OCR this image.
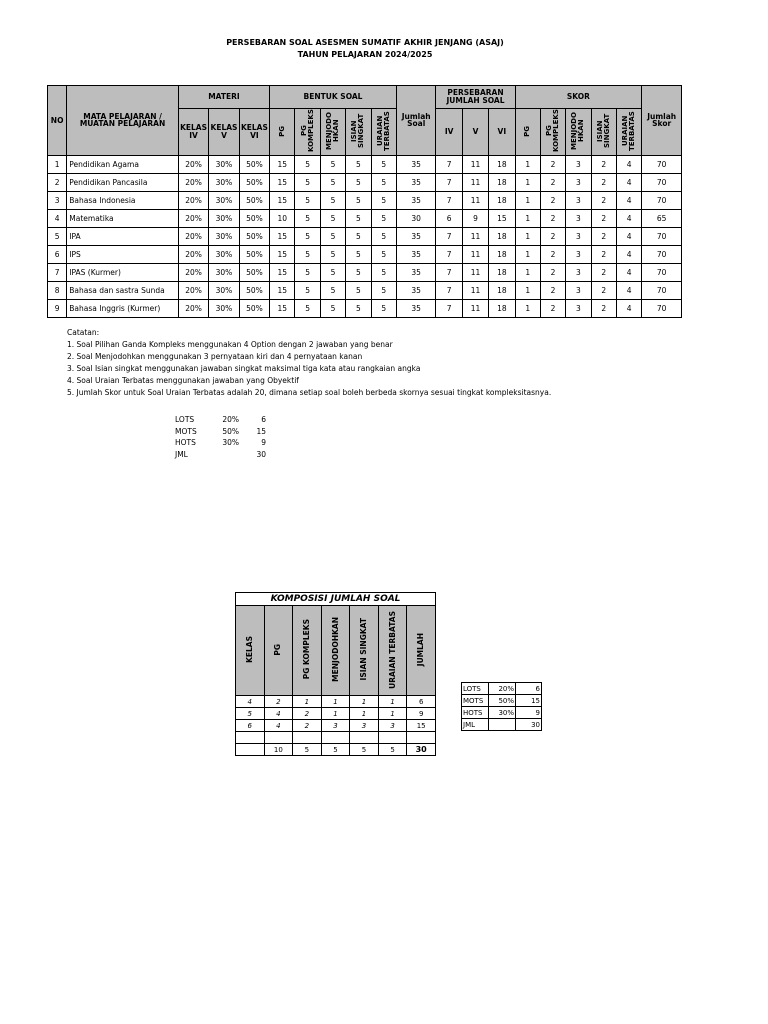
PERSEBARAN SOAL ASESMEN SUMATIF AKHIR JENJANG (ASAJ)
TAHUN PELAJARAN 2024/2025
NO	MATA PELAJARAN / MUATAN PELAJARAN	MATERI			BENTUK SOAL					Jumlah Soal	PERSEBARAN JUMLAH SOAL			SKOR					Jumlah Skor
		KELAS IV	KELAS V	KELAS VI	PG	PG KOMPLEKS	MENJODO HKAN	ISIAN SINGKAT	URAIAN TERBATAS		IV	V	VI	PG	PG KOMPLEKS	MENJODO HKAN	ISIAN SINGKAT	URAIAN TERBATAS	
1	Pendidikan Agama	20%	30%	50%	15	5	5	5	5	35	7	11	18	1	2	3	2	4	70
2	Pendidikan Pancasila	20%	30%	50%	15	5	5	5	5	35	7	11	18	1	2	3	2	4	70
3	Bahasa Indonesia	20%	30%	50%	15	5	5	5	5	35	7	11	18	1	2	3	2	4	70
4	Matematika	20%	30%	50%	10	5	5	5	5	30	6	9	15	1	2	3	2	4	65
5	IPA	20%	30%	50%	15	5	5	5	5	35	7	11	18	1	2	3	2	4	70
6	IPS	20%	30%	50%	15	5	5	5	5	35	7	11	18	1	2	3	2	4	70
7	IPAS (Kurmer)	20%	30%	50%	15	5	5	5	5	35	7	11	18	1	2	3	2	4	70
8	Bahasa dan sastra Sunda	20%	30%	50%	15	5	5	5	5	35	7	11	18	1	2	3	2	4	70
9	Bahasa Inggris (Kurmer)	20%	30%	50%	15	5	5	5	5	35	7	11	18	1	2	3	2	4	70
Catatan:
1. Soal Pilihan Ganda Kompleks menggunakan 4 Option dengan 2 jawaban yang benar
2. Soal Menjodohkan menggunakan 3 pernyataan kiri dan 4 pernyataan kanan
3. Soal Isian singkat menggunakan jawaban singkat maksimal tiga kata atau rangkaian angka
4. Soal Uraian Terbatas menggunakan jawaban yang Obyektif
5. Jumlah Skor untuk Soal Uraian Terbatas adalah 20, dimana setiap soal boleh berbeda skornya sesuai tingkat kompleksitasnya.
LOTS	20%	6
MOTS	50%	15
HOTS	30%	9
JML		30
KOMPOSISI JUMLAH SOAL						
KELAS	PG	PG KOMPLEKS	MENJODOHKAN	ISIAN SINGKAT	URAIAN TERBATAS	JUMLAH
4	2	1	1	1	1	6
5	4	2	1	1	1	9
6	4	2	3	3	3	15

	10	5	5	5	5	30
LOTS	20%	6
MOTS	50%	15
HOTS	30%	9
JML		30
